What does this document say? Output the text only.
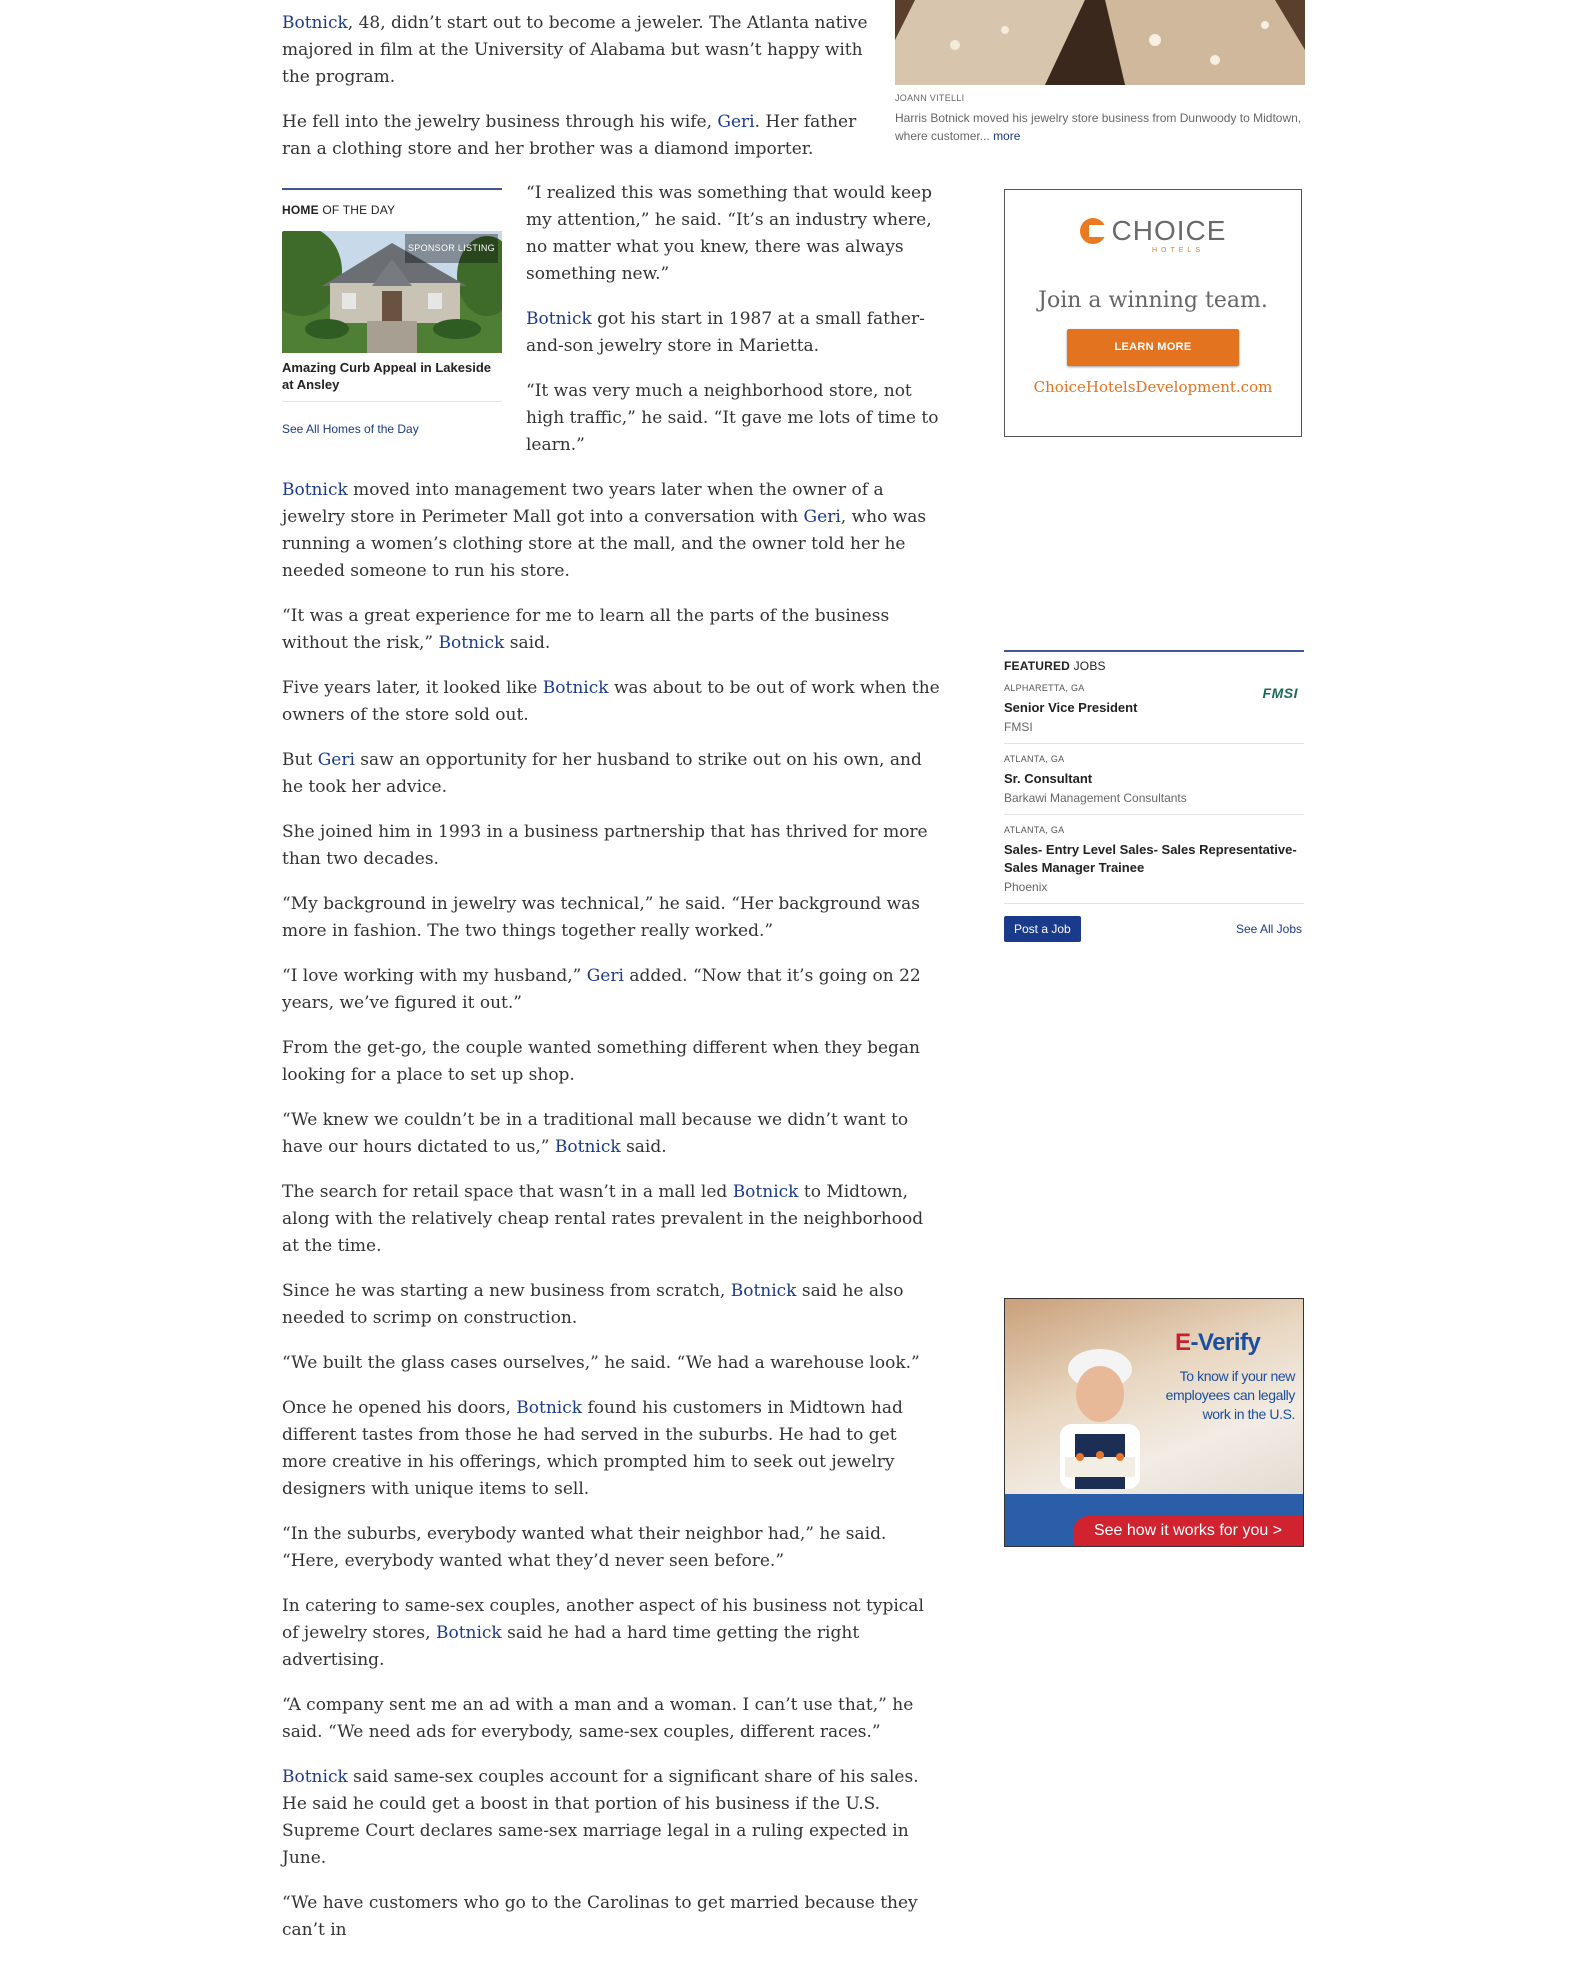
Botnick, 48, didn’t start out to become a jeweler. The Atlanta native majored in film at the University of Alabama but wasn’t happy with the program.

He fell into the jewelry business through his wife, Geri. Her father ran a clothing store and her brother was a diamond importer.

JOANN VITELLI
Harris Botnick moved his jewelry store business from Dunwoody to Midtown, where customer... more
HOME OF THE DAY
SPONSOR LISTING
Amazing Curb Appeal in Lakeside at Ansley
See All Homes of the Day

“I realized this was something that would keep my attention,” he said. “It’s an industry where, no matter what you knew, there was always something new.”

Botnick got his start in 1987 at a small father-and-son jewelry store in Marietta.

“It was very much a neighborhood store, not high traffic,” he said. “It gave me lots of time to learn.”

Botnick moved into management two years later when the owner of a jewelry store in Perimeter Mall got into a conversation with Geri, who was running a women’s clothing store at the mall, and the owner told her he needed someone to run his store.

“It was a great experience for me to learn all the parts of the business without the risk,” Botnick said.

Five years later, it looked like Botnick was about to be out of work when the owners of the store sold out.

But Geri saw an opportunity for her husband to strike out on his own, and he took her advice.

She joined him in 1993 in a business partnership that has thrived for more than two decades.

“My background in jewelry was technical,” he said. “Her background was more in fashion. The two things together really worked.”

“I love working with my husband,” Geri added. “Now that it’s going on 22 years, we’ve figured it out.”

From the get-go, the couple wanted something different when they began looking for a place to set up shop.

“We knew we couldn’t be in a traditional mall because we didn’t want to have our hours dictated to us,” Botnick said.

The search for retail space that wasn’t in a mall led Botnick to Midtown, along with the relatively cheap rental rates prevalent in the neighborhood at the time.

Since he was starting a new business from scratch, Botnick said he also needed to scrimp on construction.

“We built the glass cases ourselves,” he said. “We had a warehouse look.”

Once he opened his doors, Botnick found his customers in Midtown had different tastes from those he had served in the suburbs. He had to get more creative in his offerings, which prompted him to seek out jewelry designers with unique items to sell.

“In the suburbs, everybody wanted what their neighbor had,” he said. “Here, everybody wanted what they’d never seen before.”

In catering to same-sex couples, another aspect of his business not typical of jewelry stores, Botnick said he had a hard time getting the right advertising.

“A company sent me an ad with a man and a woman. I can’t use that,” he said. “We need ads for everybody, same-sex couples, different races.”

Botnick said same-sex couples account for a significant share of his sales. He said he could get a boost in that portion of his business if the U.S. Supreme Court declares same-sex marriage legal in a ruling expected in June.

“We have customers who go to the Carolinas to get married because they can’t in

CHOICE
HOTELS
Join a winning team.
LEARN MORE
ChoiceHotelsDevelopment.com
FEATURED JOBS
ALPHARETTA, GA
Senior Vice President
FMSI
FMSI
ATLANTA, GA
Sr. Consultant
Barkawi Management Consultants
ATLANTA, GA
Sales- Entry Level Sales- Sales Representative- Sales Manager Trainee
Phoenix
Post a Job	See All Jobs
E-Verify
To know if your new employees can legally work in the U.S.
See how it works for you >
